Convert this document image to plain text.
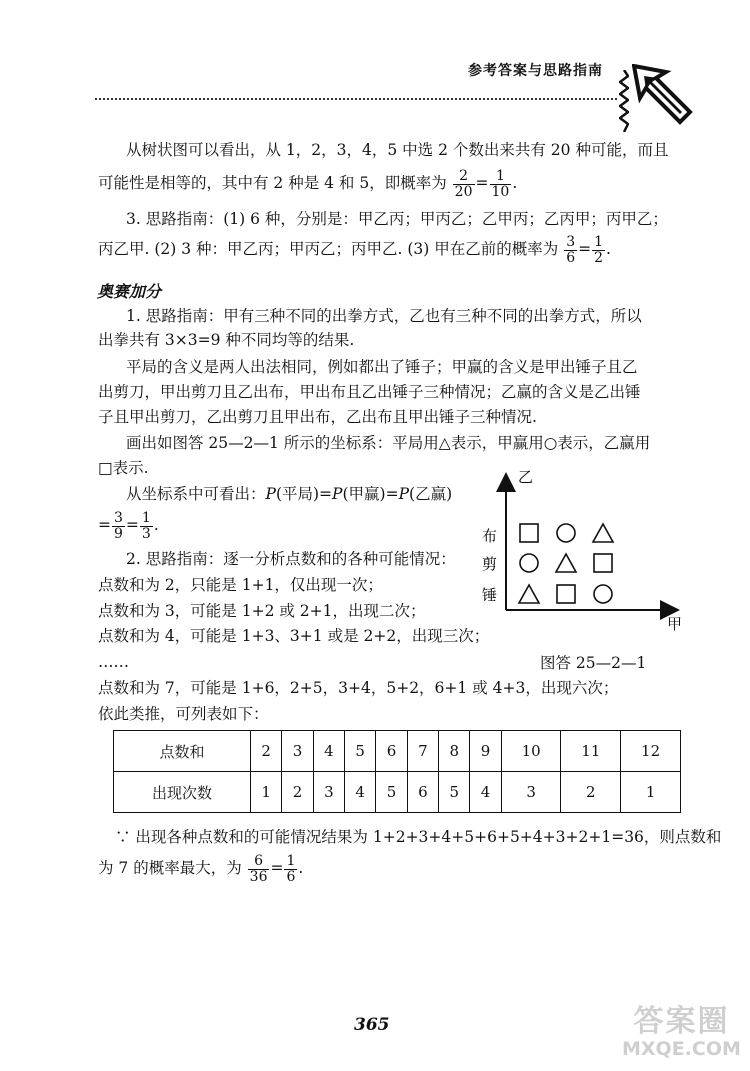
参考答案与思路指南
从树状图可以看出，从 1，2，3，4，5 中选 2 个数出来共有 20 种可能，而且
可能性是相等的，其中有 2 种是 4 和 5，即概率为 $\frac{2}{20} = \frac{1}{10}$ .
3. 思路指南：(1) 6 种，分别是：甲乙丙；甲丙乙；乙甲丙；乙丙甲；丙甲乙；
丙乙甲. (2) 3 种：甲乙丙；甲丙乙；丙甲乙. (3) 甲在乙前的概率为 $\frac{3}{6} = \frac{1}{2}$ .
奥赛加分
1. 思路指南：甲有三种不同的出拳方式，乙也有三种不同的出拳方式，所以
出拳共有 3×3=9 种不同均等的结果.
平局的含义是两人出法相同，例如都出了锤子；甲赢的含义是甲出锤子且乙
出剪刀，甲出剪刀且乙出布，甲出布且乙出锤子三种情况；乙赢的含义是乙出锤
子且甲出剪刀，乙出剪刀且甲出布，乙出布且甲出锤子三种情况.
画出如图答 25—2—1 所示的坐标系：平局用△表示，甲赢用○表示，乙赢用
□表示.
从坐标系中可看出：P(平局)=P(甲赢)=P(乙赢)
= $\frac{3}{9} = \frac{1}{3}$ .
2. 思路指南：逐一分析点数和的各种可能情况：
点数和为 2，只能是 1+1，仅出现一次；
点数和为 3，可能是 1+2 或 2+1，出现二次；
点数和为 4，可能是 1+3、3+1 或是 2+2，出现三次；
……
点数和为 7，可能是 1+6，2+5，3+4，5+2，6+1 或 4+3，出现六次；
依此类推，可列表如下：
乙
布
剪
锤
甲
图答 25—2—1
点数和	2	3	4	5	6	7	8	9	10	11	12
出现次数	1	2	3	4	5	6	5	4	3	2	1
∵ 出现各种点数和的可能情况结果为 1+2+3+4+5+6+5+4+3+2+1=36，则点数和
为 7 的概率最大，为 $\frac{6}{36} = \frac{1}{6}$ .
365	答案圈
MXQE.COM
